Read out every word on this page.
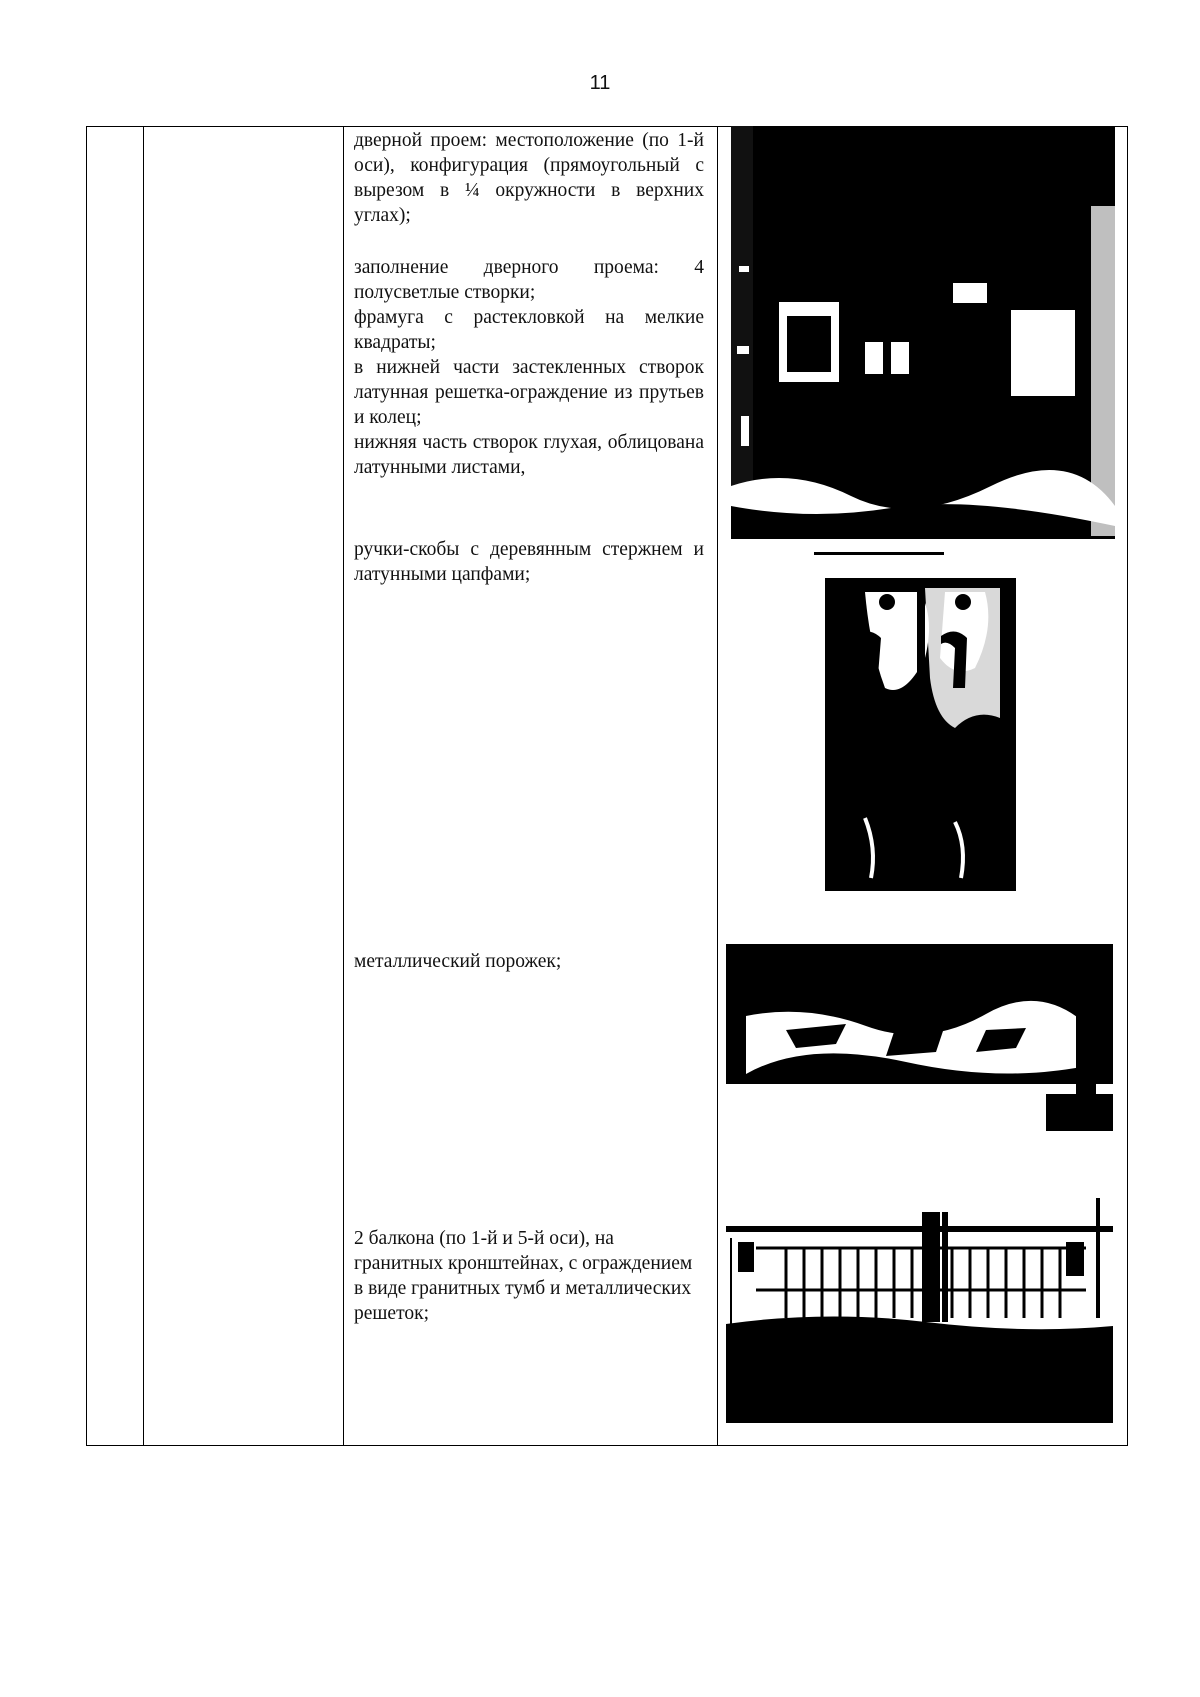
11

дверной проем: местоположение (по 1-й оси), конфигурация (прямоугольный с вырезом в ¼ окружности в верхних углах);

заполнение дверного проема: 4 полусветлые створки;

фрамуга с растекловкой на мелкие квадраты;

в нижней части застекленных створок латунная решетка-ограждение из прутьев и колец;

нижняя часть створок глухая, облицована латунными листами,

ручки-скобы с деревянным стержнем и латунными цапфами;

металлический порожек;

2 балкона (по 1-й и 5-й оси), на гранитных кронштейнах, с ограждением в виде гранитных тумб и металлических решеток;
